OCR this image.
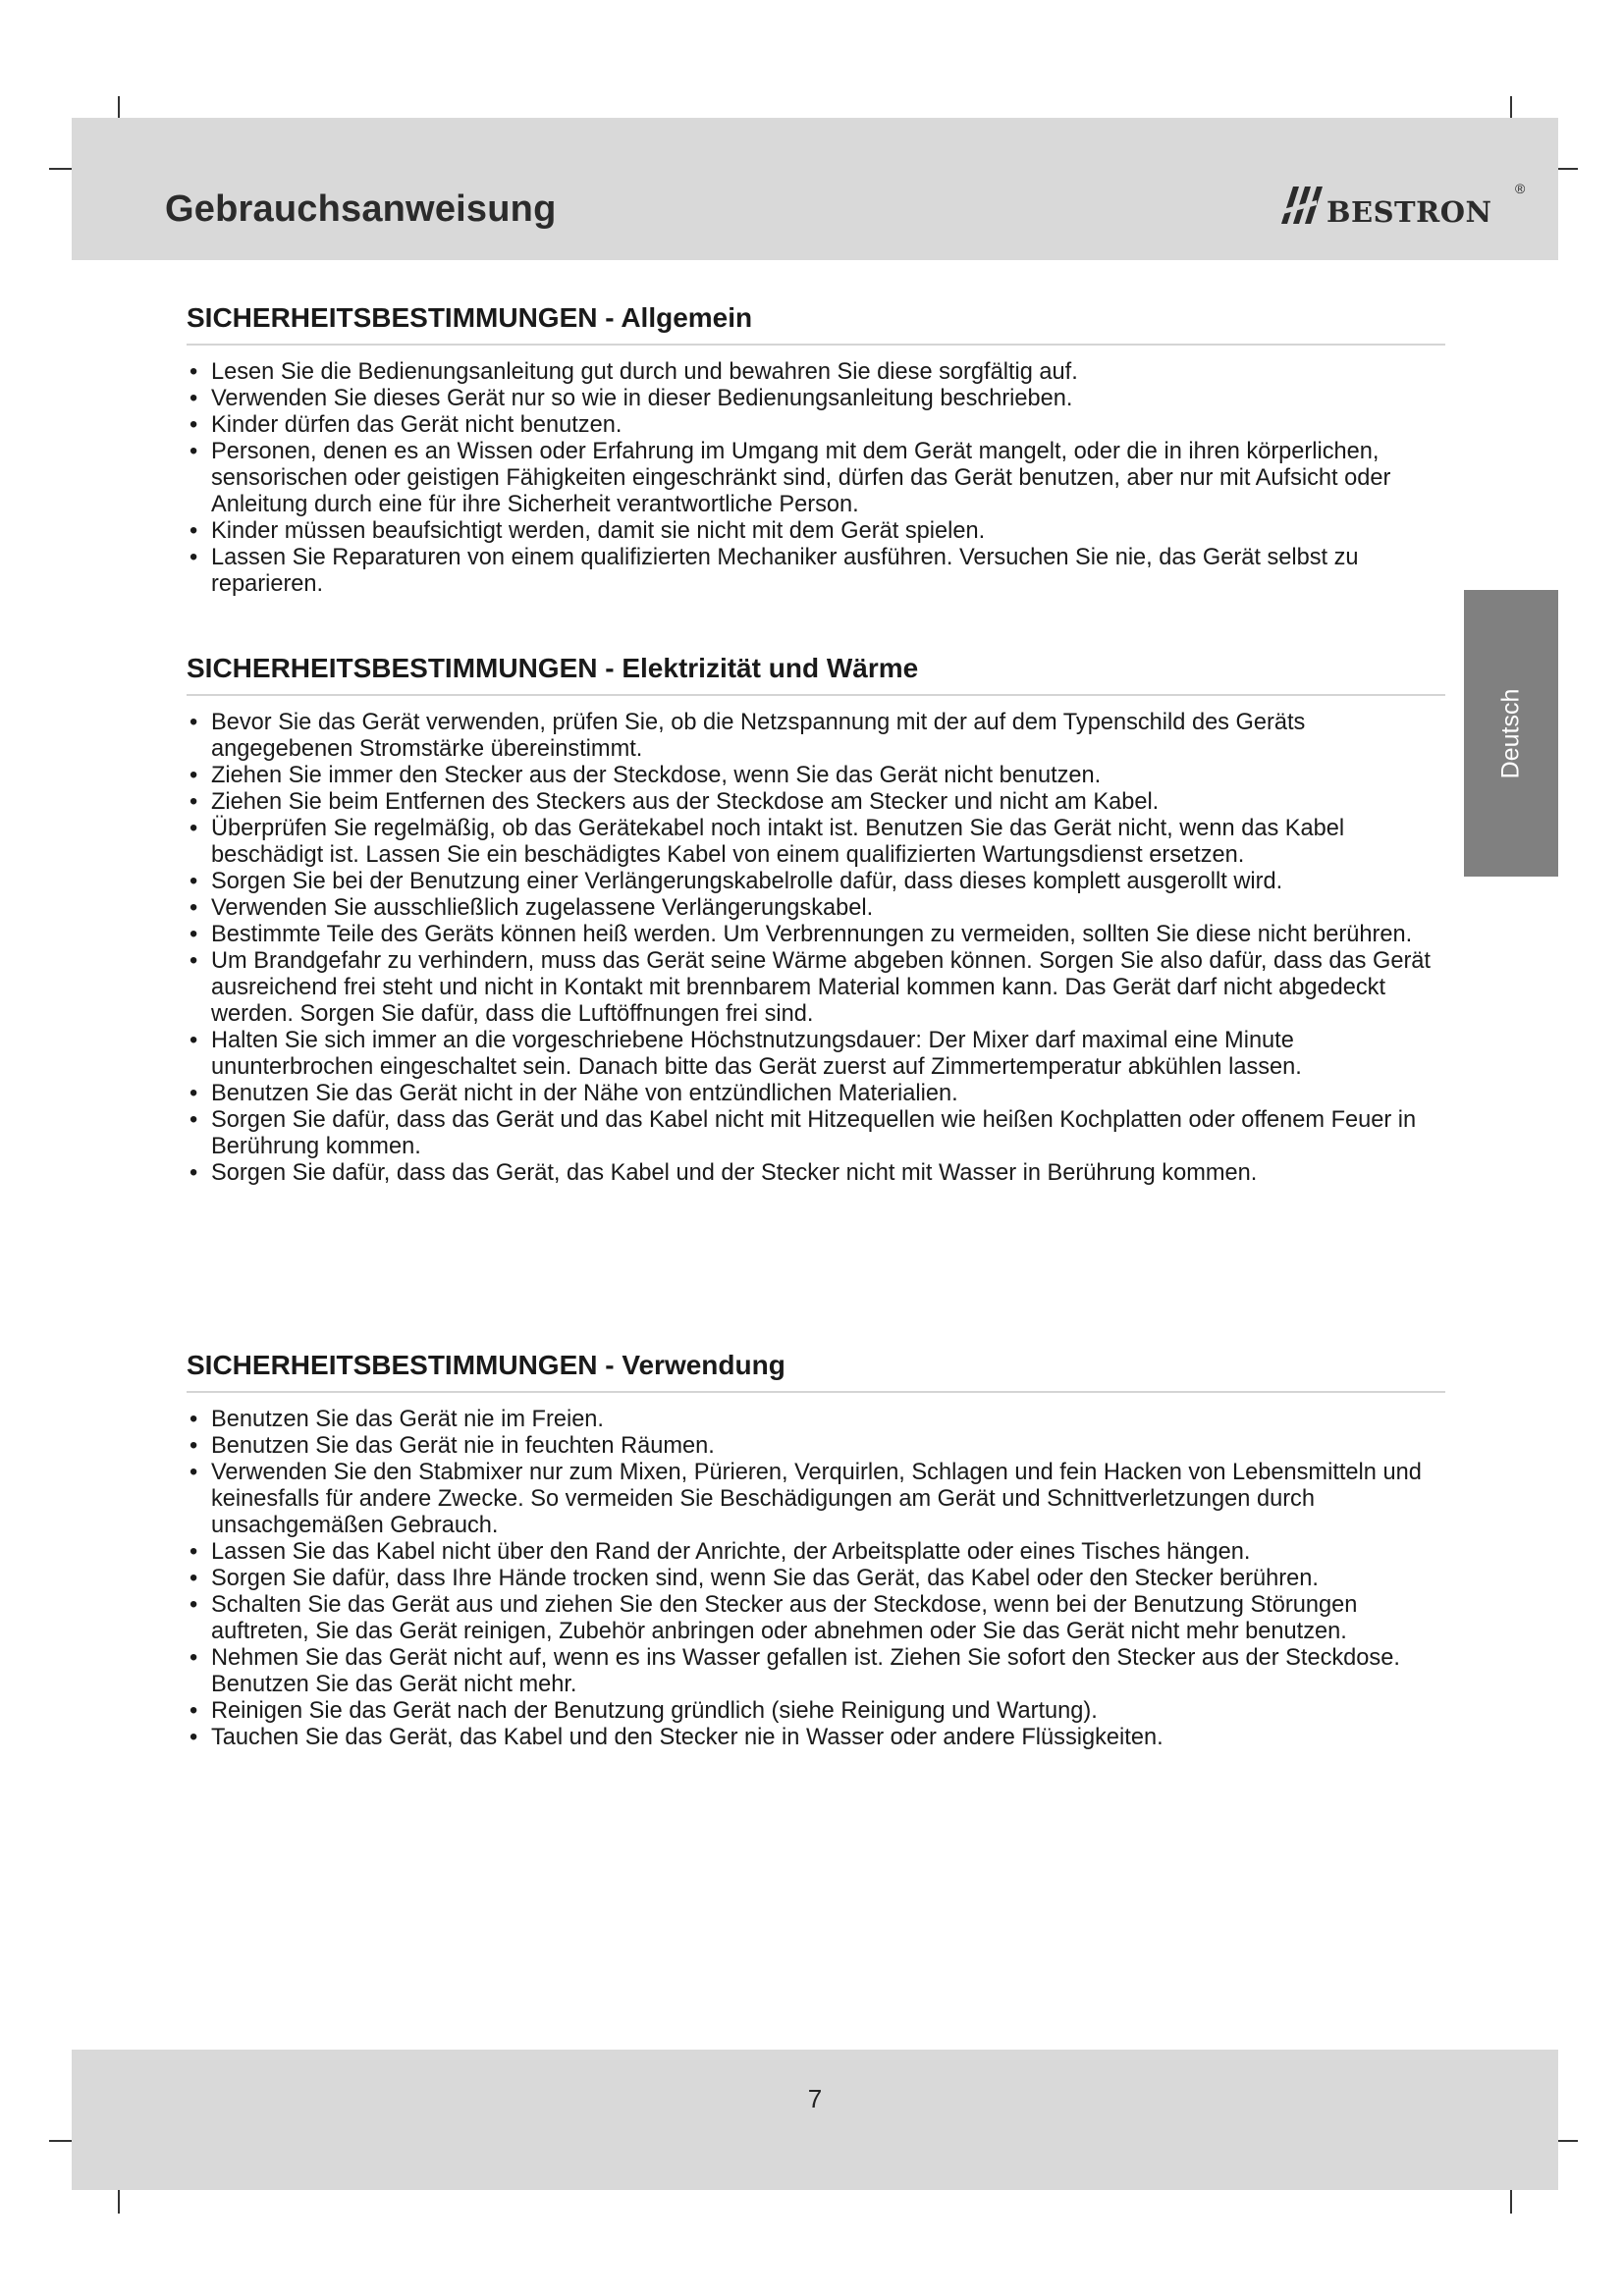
Gebrauchsanweisung	bestron ®
Deutsch
SICHERHEITSBESTIMMUNGEN - Allgemein
• Lesen Sie die Bedienungsanleitung gut durch und bewahren Sie diese sorgfältig auf.
• Verwenden Sie dieses Gerät nur so wie in dieser Bedienungsanleitung beschrieben.
• Kinder dürfen das Gerät nicht benutzen.
• Personen, denen es an Wissen oder Erfahrung im Umgang mit dem Gerät mangelt, oder die in ihren körperlichen, sensorischen oder geistigen Fähigkeiten eingeschränkt sind, dürfen das Gerät benutzen, aber nur mit Aufsicht oder Anleitung durch eine für ihre Sicherheit verantwortliche Person.
• Kinder müssen beaufsichtigt werden, damit sie nicht mit dem Gerät spielen.
• Lassen Sie Reparaturen von einem qualifizierten Mechaniker ausführen. Versuchen Sie nie, das Gerät selbst zu reparieren.
SICHERHEITSBESTIMMUNGEN - Elektrizität und Wärme
• Bevor Sie das Gerät verwenden, prüfen Sie, ob die Netzspannung mit der auf dem Typenschild des Geräts angegebenen Stromstärke übereinstimmt.
• Ziehen Sie immer den Stecker aus der Steckdose, wenn Sie das Gerät nicht benutzen.
• Ziehen Sie beim Entfernen des Steckers aus der Steckdose am Stecker und nicht am Kabel.
• Überprüfen Sie regelmäßig, ob das Gerätekabel noch intakt ist. Benutzen Sie das Gerät nicht, wenn das Kabel beschädigt ist. Lassen Sie ein beschädigtes Kabel von einem qualifizierten Wartungsdienst ersetzen.
• Sorgen Sie bei der Benutzung einer Verlängerungskabelrolle dafür, dass dieses komplett ausgerollt wird.
• Verwenden Sie ausschließlich zugelassene Verlängerungskabel.
• Bestimmte Teile des Geräts können heiß werden. Um Verbrennungen zu vermeiden, sollten Sie diese nicht berühren.
• Um Brandgefahr zu verhindern, muss das Gerät seine Wärme abgeben können. Sorgen Sie also dafür, dass das Gerät ausreichend frei steht und nicht in Kontakt mit brennbarem Material kommen kann. Das Gerät darf nicht abgedeckt werden. Sorgen Sie dafür, dass die Luftöffnungen frei sind.
• Halten Sie sich immer an die vorgeschriebene Höchstnutzungsdauer: Der Mixer darf maximal eine Minute ununterbrochen eingeschaltet sein. Danach bitte das Gerät zuerst auf Zimmertemperatur abkühlen lassen.
• Benutzen Sie das Gerät nicht in der Nähe von entzündlichen Materialien.
• Sorgen Sie dafür, dass das Gerät und das Kabel nicht mit Hitzequellen wie heißen Kochplatten oder offenem Feuer in Berührung kommen.
• Sorgen Sie dafür, dass das Gerät, das Kabel und der Stecker nicht mit Wasser in Berührung kommen.
SICHERHEITSBESTIMMUNGEN - Verwendung
• Benutzen Sie das Gerät nie im Freien.
• Benutzen Sie das Gerät nie in feuchten Räumen.
• Verwenden Sie den Stabmixer nur zum Mixen, Pürieren, Verquirlen, Schlagen und fein Hacken von Lebensmitteln und keinesfalls für andere Zwecke. So vermeiden Sie Beschädigungen am Gerät und Schnittverletzungen durch unsachgemäßen Gebrauch.
• Lassen Sie das Kabel nicht über den Rand der Anrichte, der Arbeitsplatte oder eines Tisches hängen.
• Sorgen Sie dafür, dass Ihre Hände trocken sind, wenn Sie das Gerät, das Kabel oder den Stecker berühren.
• Schalten Sie das Gerät aus und ziehen Sie den Stecker aus der Steckdose, wenn bei der Benutzung Störungen auftreten, Sie das Gerät reinigen, Zubehör anbringen oder abnehmen oder Sie das Gerät nicht mehr benutzen.
• Nehmen Sie das Gerät nicht auf, wenn es ins Wasser gefallen ist. Ziehen Sie sofort den Stecker aus der Steckdose. Benutzen Sie das Gerät nicht mehr.
• Reinigen Sie das Gerät nach der Benutzung gründlich (siehe Reinigung und Wartung).
• Tauchen Sie das Gerät, das Kabel und den Stecker nie in Wasser oder andere Flüssigkeiten.
7
